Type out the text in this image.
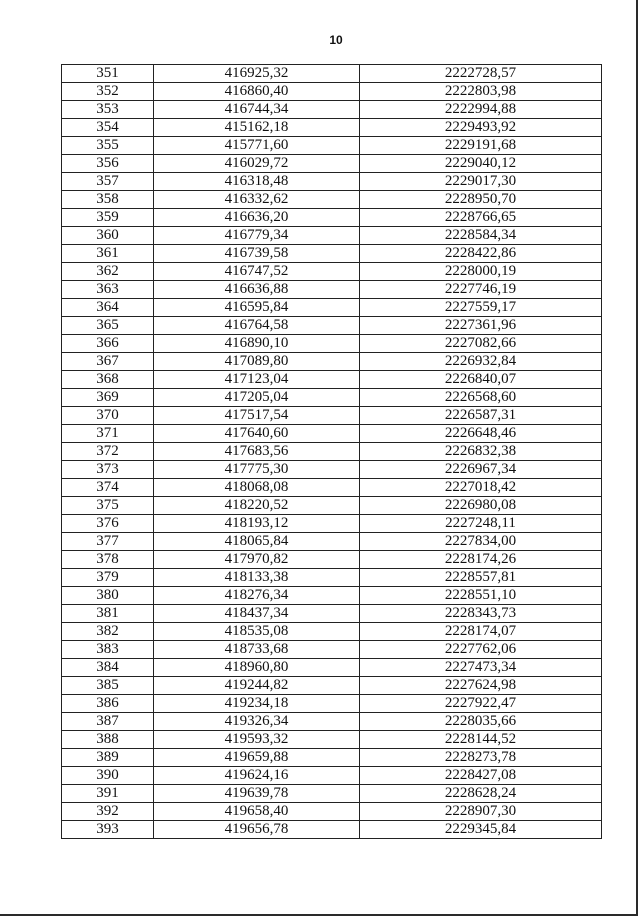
10
351	416925,32	2222728,57
352	416860,40	2222803,98
353	416744,34	2222994,88
354	415162,18	2229493,92
355	415771,60	2229191,68
356	416029,72	2229040,12
357	416318,48	2229017,30
358	416332,62	2228950,70
359	416636,20	2228766,65
360	416779,34	2228584,34
361	416739,58	2228422,86
362	416747,52	2228000,19
363	416636,88	2227746,19
364	416595,84	2227559,17
365	416764,58	2227361,96
366	416890,10	2227082,66
367	417089,80	2226932,84
368	417123,04	2226840,07
369	417205,04	2226568,60
370	417517,54	2226587,31
371	417640,60	2226648,46
372	417683,56	2226832,38
373	417775,30	2226967,34
374	418068,08	2227018,42
375	418220,52	2226980,08
376	418193,12	2227248,11
377	418065,84	2227834,00
378	417970,82	2228174,26
379	418133,38	2228557,81
380	418276,34	2228551,10
381	418437,34	2228343,73
382	418535,08	2228174,07
383	418733,68	2227762,06
384	418960,80	2227473,34
385	419244,82	2227624,98
386	419234,18	2227922,47
387	419326,34	2228035,66
388	419593,32	2228144,52
389	419659,88	2228273,78
390	419624,16	2228427,08
391	419639,78	2228628,24
392	419658,40	2228907,30
393	419656,78	2229345,84
